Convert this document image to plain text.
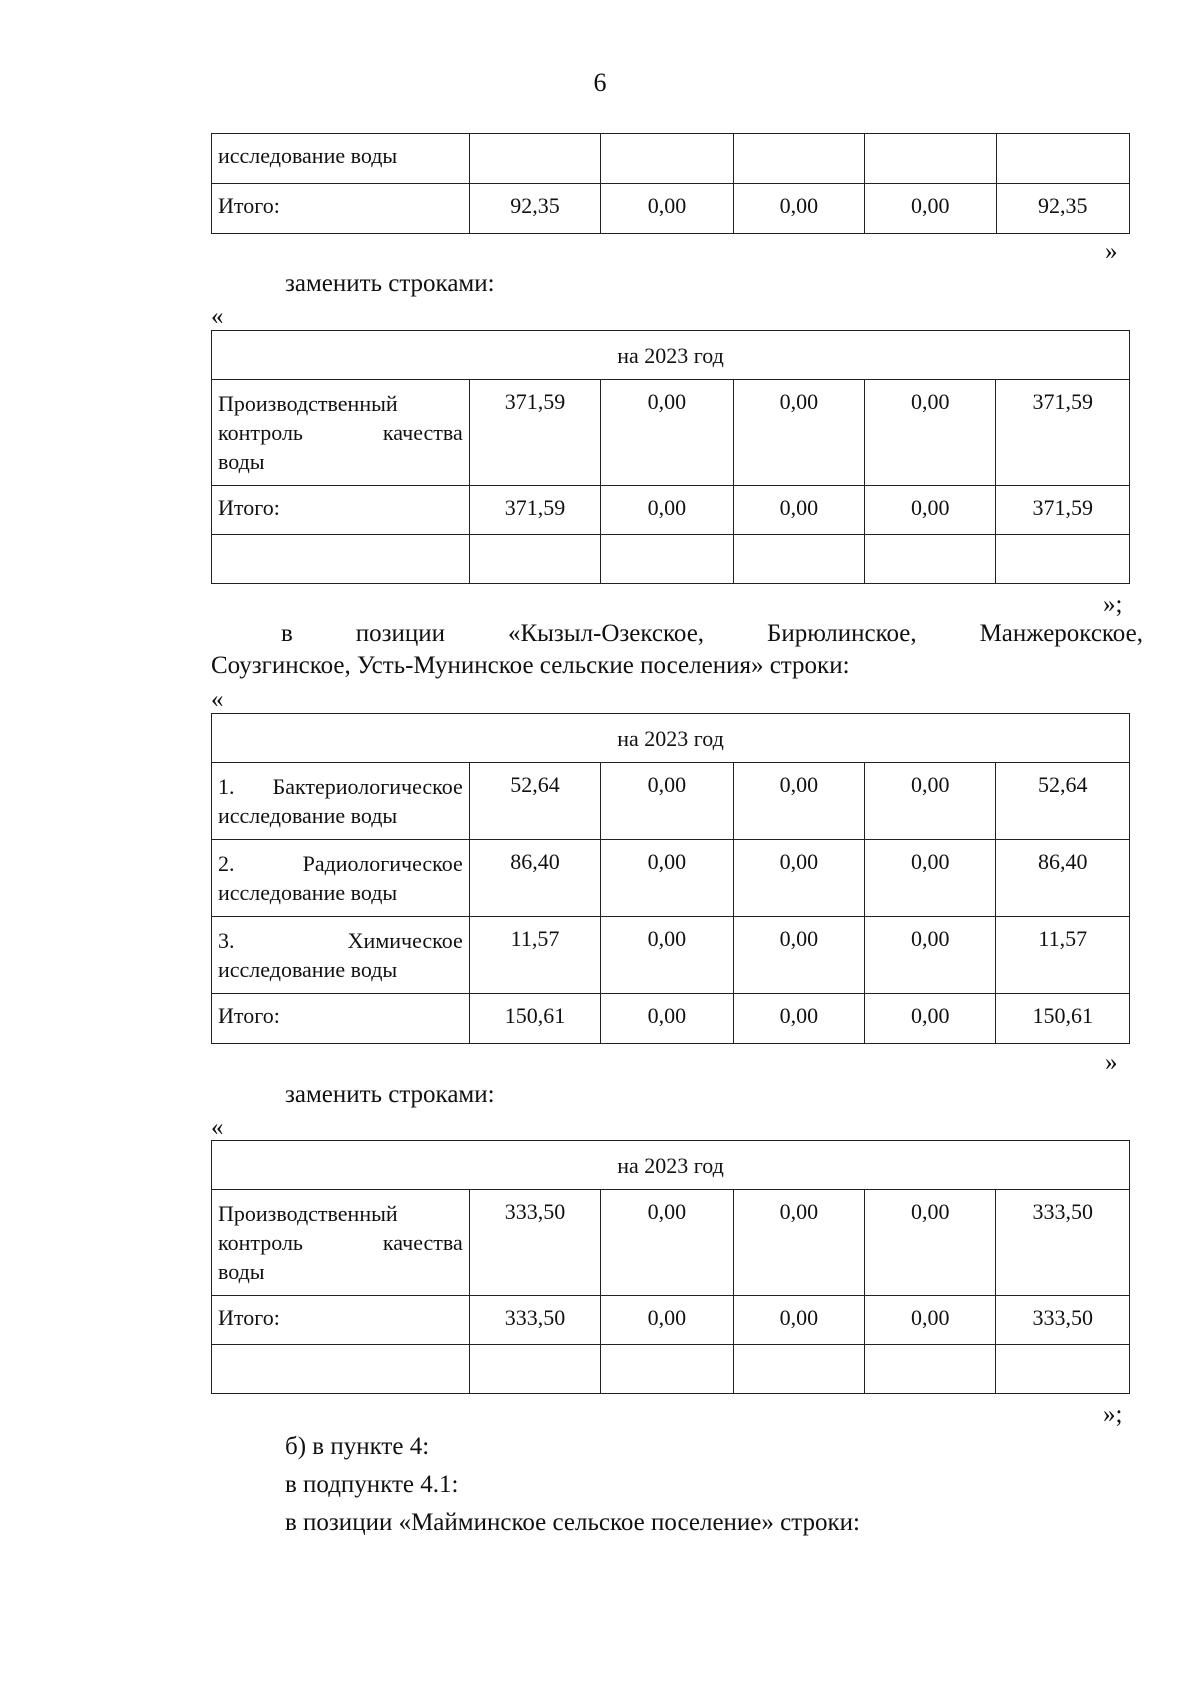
6
исследование воды					
Итого:	92,35	0,00	0,00	0,00	92,35
»
заменить строками:
«
на 2023 год					

Производственный
контроль качества
воды	371,59	0,00	0,00	0,00	371,59
Итого:	371,59	0,00	0,00	0,00	371,59

»;
в	позиции	«Кызыл-Озекское,	Бирюлинское,	Манжерокское,
Соузгинское, Усть-Мунинское сельские поселения» строки:
«
на 2023 год					

1. Бактериологическое
исследование воды	52,64	0,00	0,00	0,00	52,64

2. Радиологическое
исследование воды	86,40	0,00	0,00	0,00	86,40

3. Химическое
исследование воды	11,57	0,00	0,00	0,00	11,57
Итого:	150,61	0,00	0,00	0,00	150,61
»
заменить строками:
«
на 2023 год					

Производственный
контроль качества
воды	333,50	0,00	0,00	0,00	333,50
Итого:	333,50	0,00	0,00	0,00	333,50

»;
б) в пункте 4:
в подпункте 4.1:
в позиции «Майминское сельское поселение» строки:
